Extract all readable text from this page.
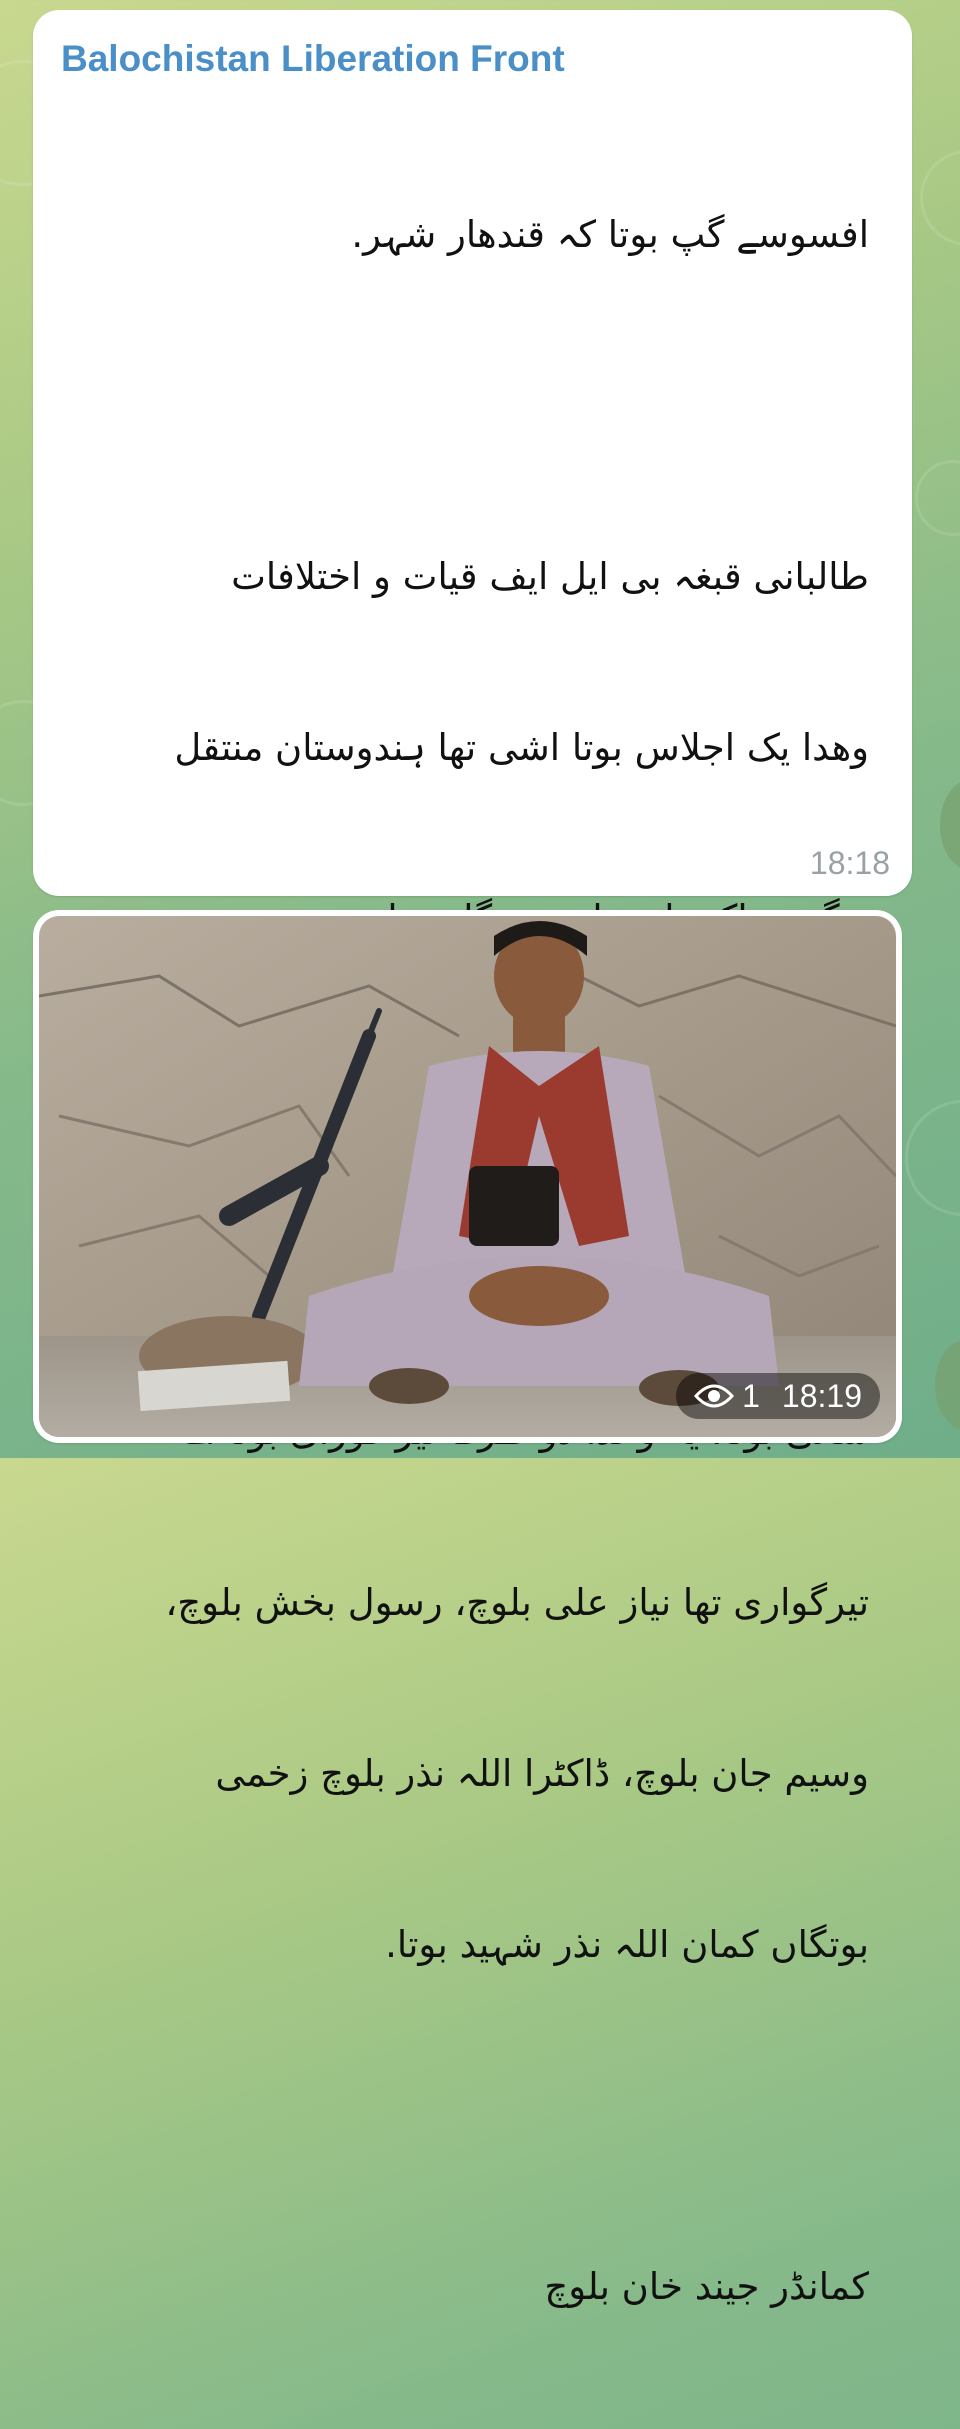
Balochistan Liberation Front

افسوسے گپ بوتا کہ قندھار شہر.

طالبانی قبغہ بی ایل ایف قیات و اختلافات

وھدا یک اجلاس بوتا اشی تھا ہندوستان منتقل

تیرگواری تھا نیاز علی بلوچ، رسول بخش بلوچ،

وسیم جان بلوچ، ڈاکٹرا اللہ نذر بلوچ زخمی

بوتگاں کمان اللہ نذر شہید بوتا.

کمانڈر جیند خان بلوچ

18:18
1 18:19
